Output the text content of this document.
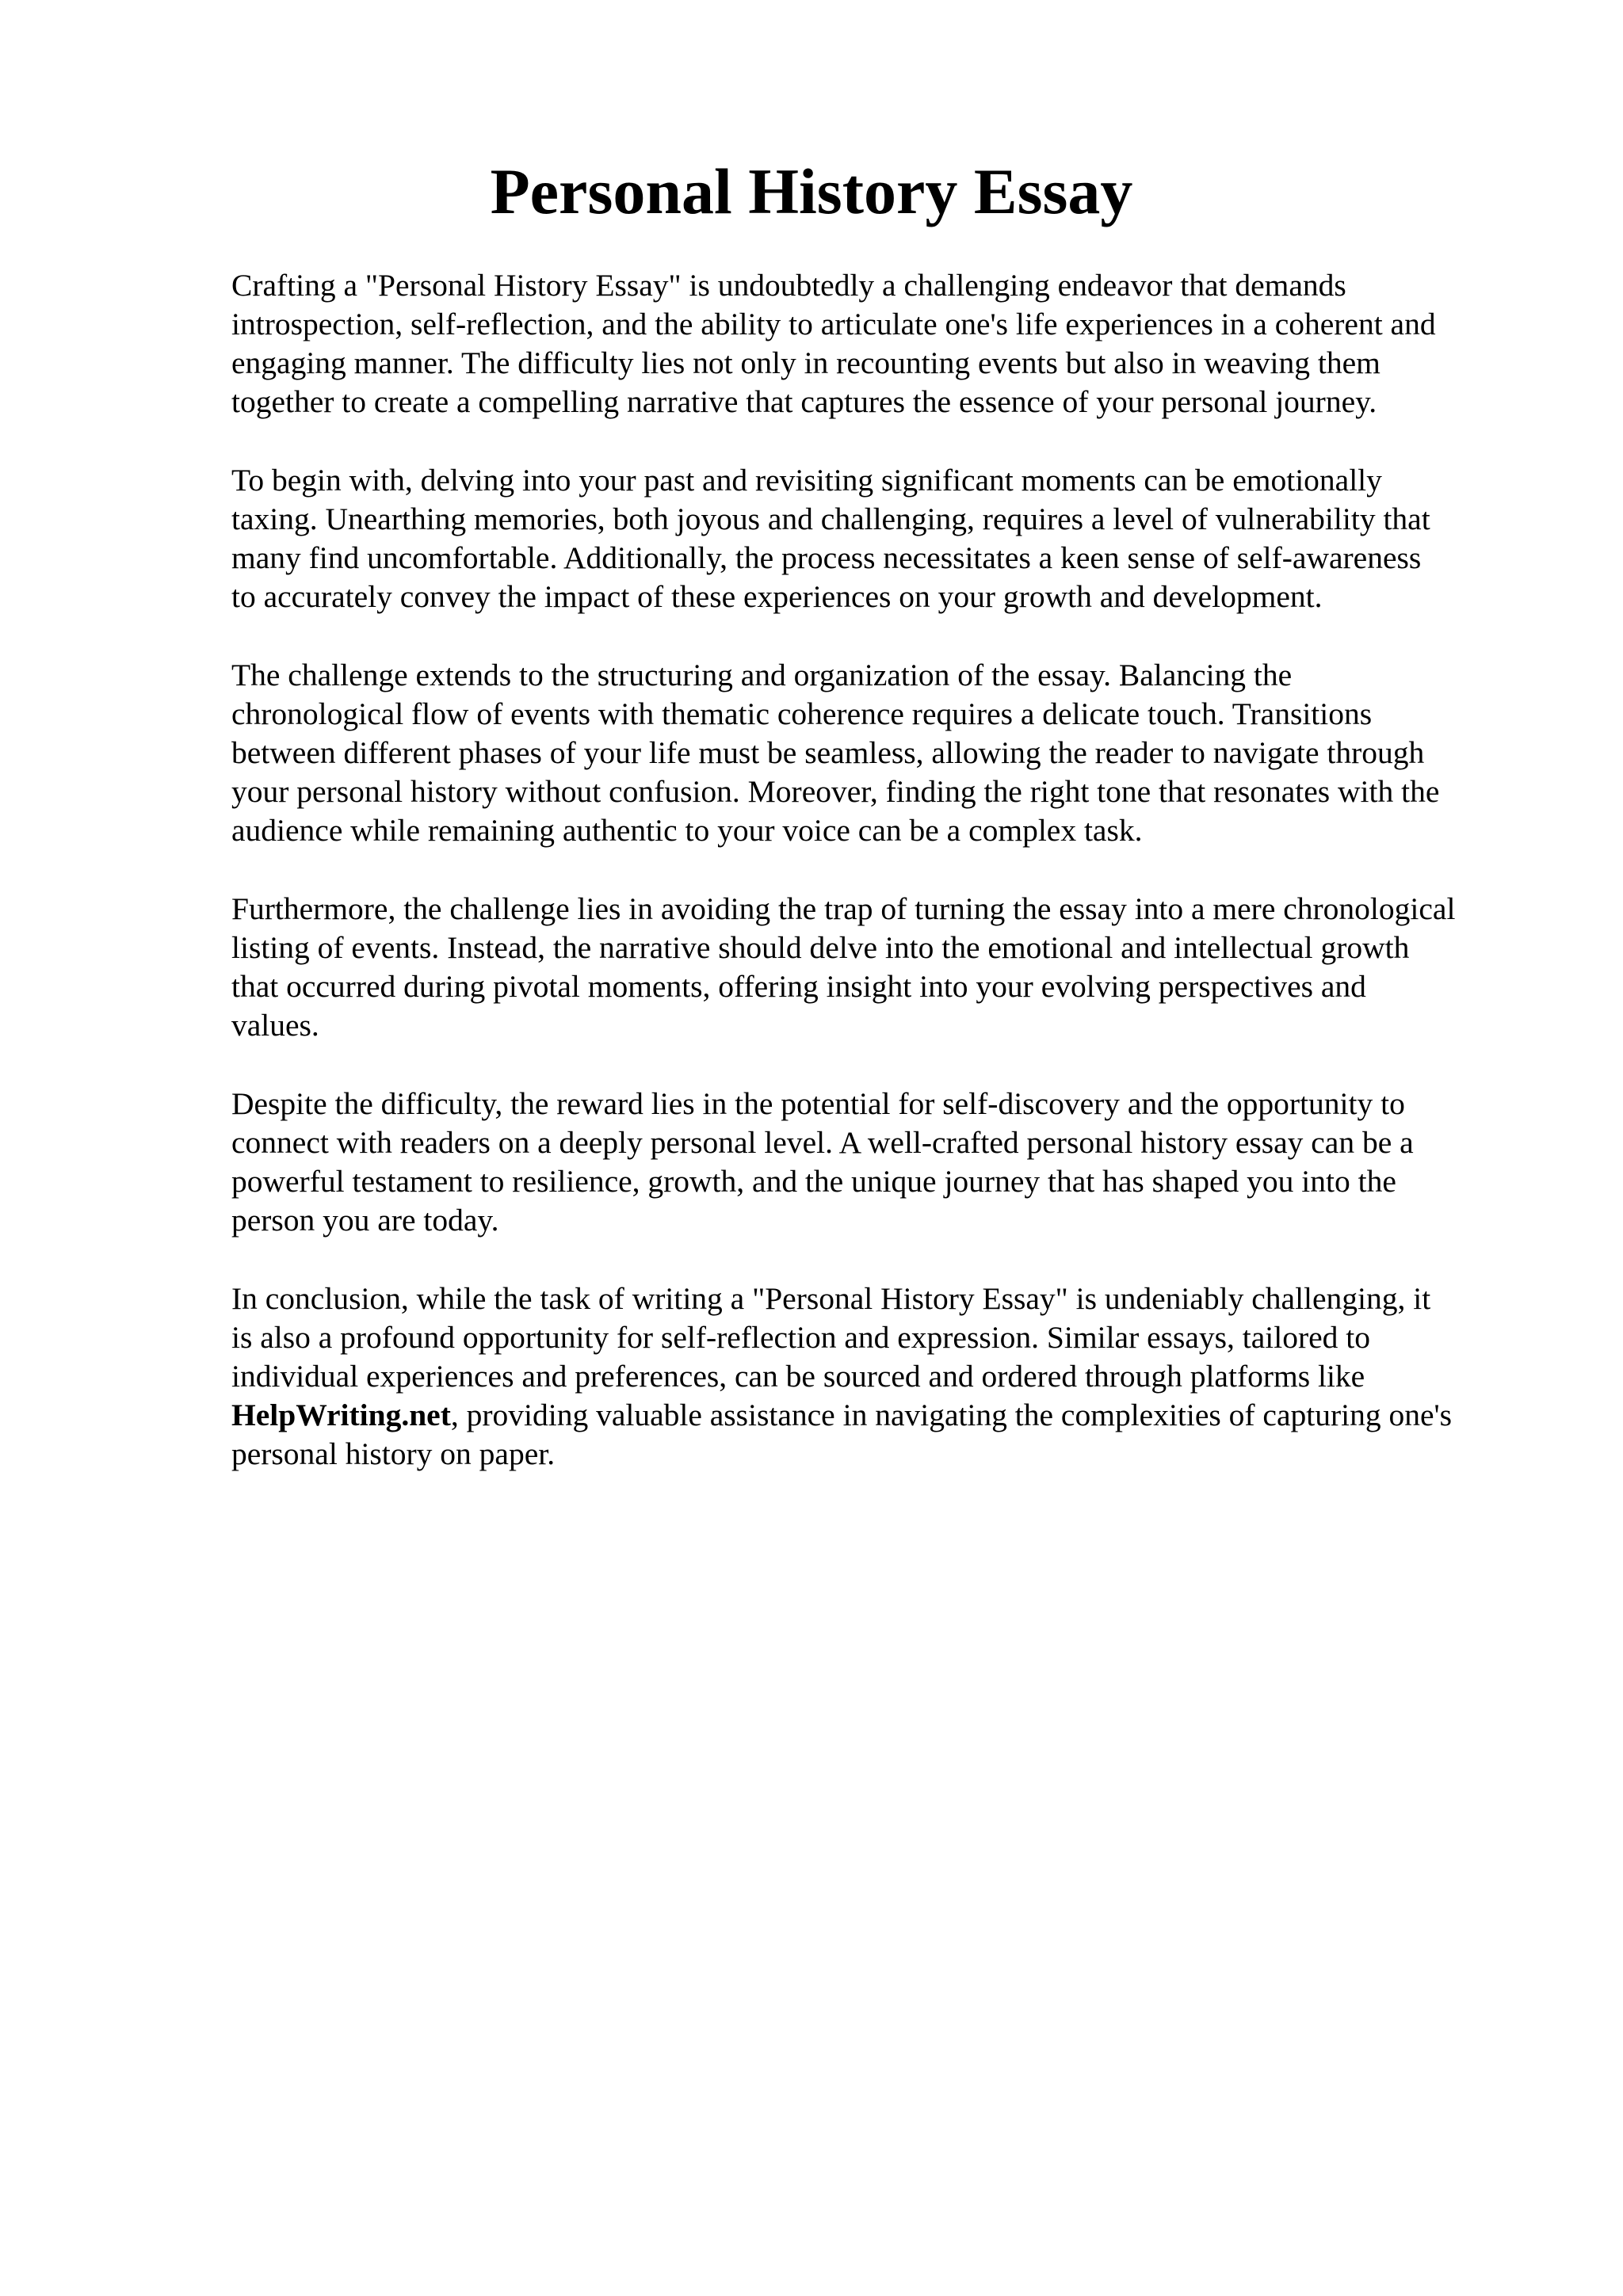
Personal History Essay

Crafting a "Personal History Essay" is undoubtedly a challenging endeavor that demands
introspection, self-reflection, and the ability to articulate one's life experiences in a coherent and
engaging manner. The difficulty lies not only in recounting events but also in weaving them
together to create a compelling narrative that captures the essence of your personal journey.

To begin with, delving into your past and revisiting significant moments can be emotionally
taxing. Unearthing memories, both joyous and challenging, requires a level of vulnerability that
many find uncomfortable. Additionally, the process necessitates a keen sense of self-awareness
to accurately convey the impact of these experiences on your growth and development.

The challenge extends to the structuring and organization of the essay. Balancing the
chronological flow of events with thematic coherence requires a delicate touch. Transitions
between different phases of your life must be seamless, allowing the reader to navigate through
your personal history without confusion. Moreover, finding the right tone that resonates with the
audience while remaining authentic to your voice can be a complex task.

Furthermore, the challenge lies in avoiding the trap of turning the essay into a mere chronological
listing of events. Instead, the narrative should delve into the emotional and intellectual growth
that occurred during pivotal moments, offering insight into your evolving perspectives and
values.

Despite the difficulty, the reward lies in the potential for self-discovery and the opportunity to
connect with readers on a deeply personal level. A well-crafted personal history essay can be a
powerful testament to resilience, growth, and the unique journey that has shaped you into the
person you are today.

In conclusion, while the task of writing a "Personal History Essay" is undeniably challenging, it
is also a profound opportunity for self-reflection and expression. Similar essays, tailored to
individual experiences and preferences, can be sourced and ordered through platforms like
HelpWriting.net, providing valuable assistance in navigating the complexities of capturing one's
personal history on paper.
